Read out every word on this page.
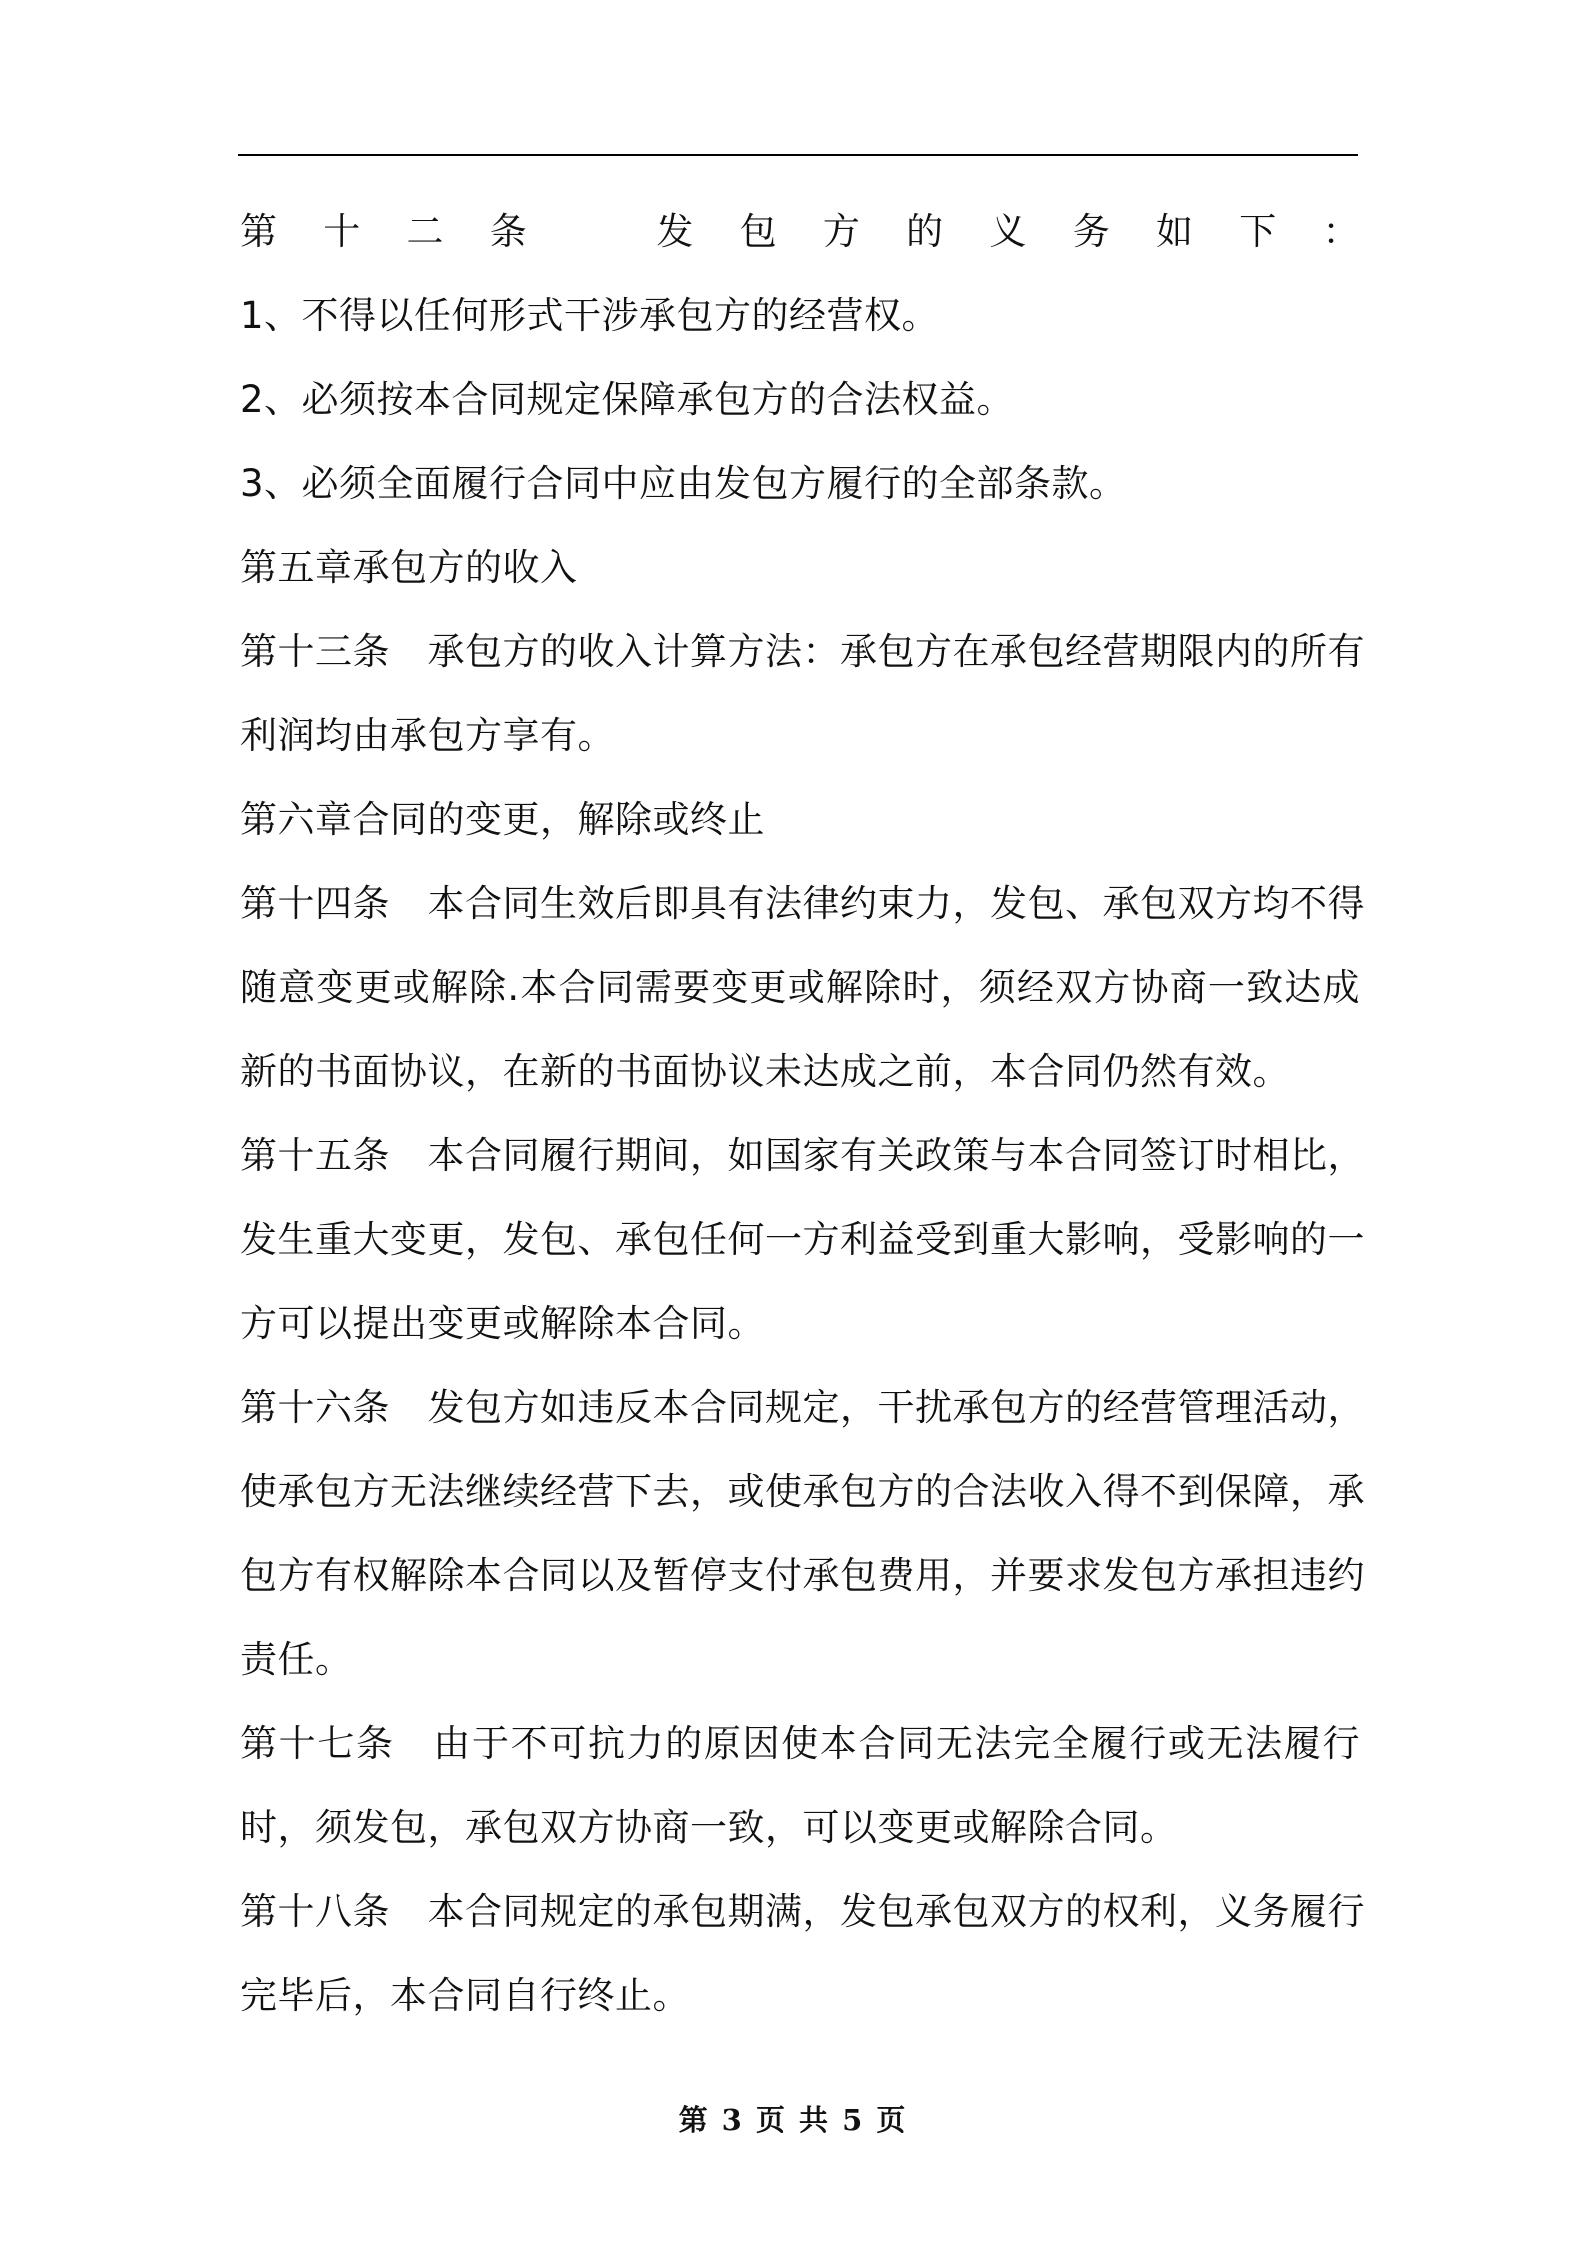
第十二条　发包方的义务如下：
1、不得以任何形式干涉承包方的经营权。
2、必须按本合同规定保障承包方的合法权益。
3、必须全面履行合同中应由发包方履行的全部条款。
第五章承包方的收入
第十三条　承包方的收入计算方法：承包方在承包经营期限内的所有
利润均由承包方享有。
第六章合同的变更，解除或终止
第十四条　本合同生效后即具有法律约束力，发包、承包双方均不得
随意变更或解除.本合同需要变更或解除时，须经双方协商一致达成
新的书面协议，在新的书面协议未达成之前，本合同仍然有效。
第十五条　本合同履行期间，如国家有关政策与本合同签订时相比，
发生重大变更，发包、承包任何一方利益受到重大影响，受影响的一
方可以提出变更或解除本合同。
第十六条　发包方如违反本合同规定，干扰承包方的经营管理活动，
使承包方无法继续经营下去，或使承包方的合法收入得不到保障，承
包方有权解除本合同以及暂停支付承包费用，并要求发包方承担违约
责任。
第十七条　由于不可抗力的原因使本合同无法完全履行或无法履行
时，须发包，承包双方协商一致，可以变更或解除合同。
第十八条　本合同规定的承包期满，发包承包双方的权利，义务履行
完毕后，本合同自行终止。
第 3 页 共 5 页
